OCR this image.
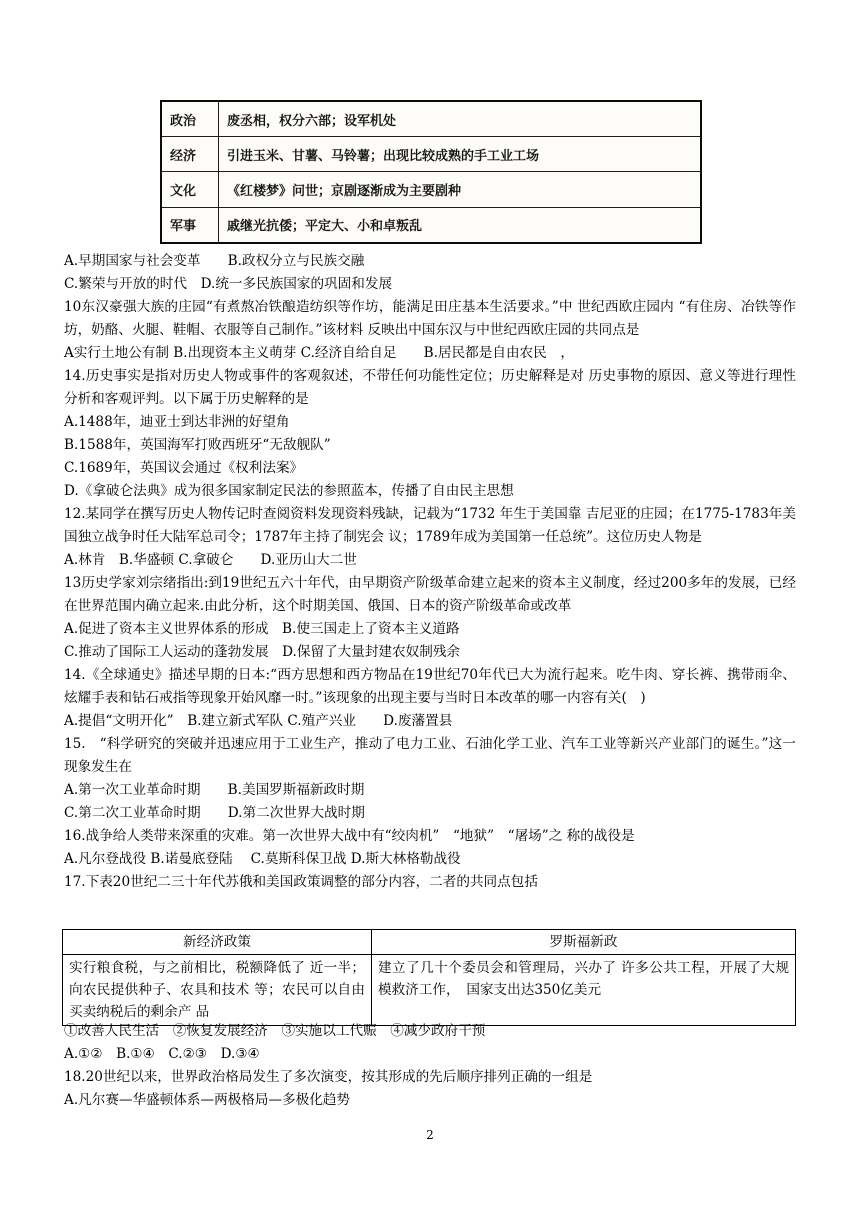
政治	废丞相，权分六部；设军机处
经济	引进玉米、甘薯、马铃薯；出现比较成熟的手工业工场
文化	《红楼梦》问世；京剧逐渐成为主要剧种
军事	戚继光抗倭；平定大、小和卓叛乱
A.早期国家与社会变革　　B.政权分立与民族交融
C.繁荣与开放的时代　D.统一多民族国家的巩固和发展
10东汉豪强大族的庄园“有煮熬冶铁酿造纺织等作坊，能满足田庄基本生活要求。”中 世纪西欧庄园内 “有住房、冶铁等作坊，奶酪、火腿、鞋帽、衣服等自己制作。”该材料 反映出中国东汉与中世纪西欧庄园的共同点是
A实行土地公有制 B.出现资本主义萌芽 C.经济自给自足　　B.居民都是自由农民　，
14.历史事实是指对历史人物或事件的客观叙述，不带任何功能性定位；历史解释是对 历史事物的原因、意义等进行理性分析和客观评判。以下属于历史解释的是
A.1488年，迪亚士到达非洲的好望角
B.1588年，英国海军打败西班牙“无敌舰队”
C.1689年，英国议会通过《权利法案》
D.《拿破仑法典》成为很多国家制定民法的参照蓝本，传播了自由民主思想
12.某同学在撰写历史人物传记时查阅资料发现资料残缺，记载为“1732 年生于美国靠 吉尼亚的庄园；在1775-1783年美国独立战争时任大陆军总司令；1787年主持了制宪会 议；1789年成为美国第一任总统”。这位历史人物是
A.林肯　B.华盛顿 C.拿破仑　　D.亚历山大二世
13历史学家刘宗绪指出:到19世纪五六十年代，由早期资产阶级革命建立起来的资本主义制度，经过200多年的发展，已经在世界范围内确立起来.由此分析，这个时期美国、俄国、日本的资产阶级革命或改革
A.促进了资本主义世界体系的形成　B.使三国走上了资本主义道路
C.推动了国际工人运动的蓬勃发展　D.保留了大量封建农奴制残余
14.《全球通史》描述早期的日本:“西方思想和西方物品在19世纪70年代已大为流行起来。吃牛肉、穿长裤、携带雨伞、炫耀手表和钻石戒指等现象开始风靡一时。”该现象的出现主要与当时日本改革的哪一内容有关(　)
A.提倡“文明开化”　B.建立新式军队 C.殖产兴业　　D.废藩置县
15.　“科学研究的突破并迅速应用于工业生产，推动了电力工业、石油化学工业、汽车工业等新兴产业部门的诞生。”这一现象发生在
A.第一次工业革命时期　　B.美国罗斯福新政时期
C.第二次工业革命时期　　D.第二次世界大战时期
16.战争给人类带来深重的灾难。第一次世界大战中有“绞肉机”　“地狱”　“屠场”之 称的战役是
A.凡尔登战役 B.诺曼底登陆　 C.莫斯科保卫战 D.斯大林格勒战役
17.下表20世纪二三十年代苏俄和美国政策调整的部分内容，二者的共同点包括
新经济政策	罗斯福新政
实行粮食税，与之前相比，税额降低了 近一半；向农民提供种子、农具和技术 等；农民可以自由买卖纳税后的剩余产 品	建立了几十个委员会和管理局，兴办了 许多公共工程，开展了大规模救济工作，　国家支出达350亿美元
①改善人民生活　②恢复发展经济　③实施以工代赈　④减少政府干预
A.①②　B.①④　C.②③　D.③④
18.20世纪以来，世界政治格局发生了多次演变，按其形成的先后顺序排列正确的一组是
A.凡尔赛—华盛顿体系—两极格局—多极化趋势
2
